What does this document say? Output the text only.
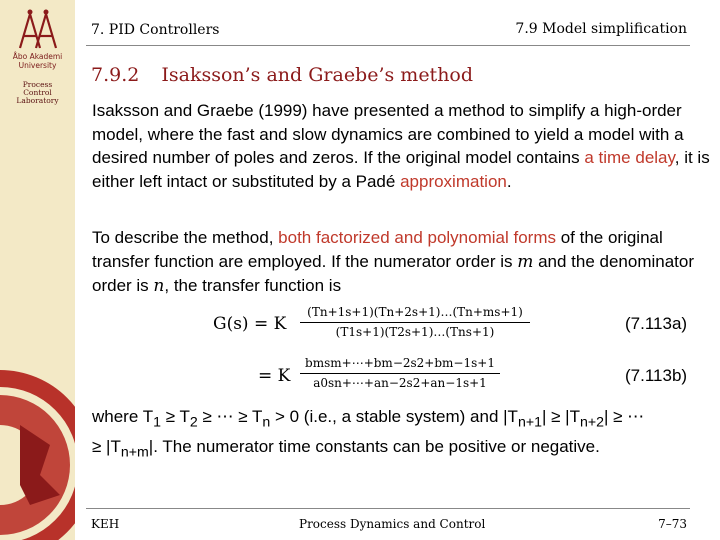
Åbo Akademi
University
Process
Control
Laboratory
7. PID Controllers	7.9 Model simplification
7.9.2 Isaksson’s and Graebe’s method
Isaksson and Graebe (1999) have presented a method to simplify a high-order model, where the fast and slow dynamics are combined to yield a model with a desired number of poles and zeros. If the original model contains a time delay, it is either left intact or substituted by a Padé approximation.
To describe the method, both factorized and polynomial forms of the original transfer function are employed. If the numerator order is m and the denominator order is n, the transfer function is
G(s) = K
(Tn+1s+1)(Tn+2s+1)…(Tn+ms+1)
(T1s+1)(T2s+1)…(Tns+1)	(7.113a)
= K
bmsm+⋯+bm−2s2+bm−1s+1
a0sn+⋯+an−2s2+an−1s+1	(7.113b)
where $T_1 \ge T_2$ ≥ ⋯ ≥ $T_n > 0$ (i.e., a stable system) and $|T_{n+1}| \ge |T_{n+2}|$ ≥ ⋯ ≥ $|T_{n+m}|$. The numerator time constants can be positive or negative.
KEH	Process Dynamics and Control	7–73
